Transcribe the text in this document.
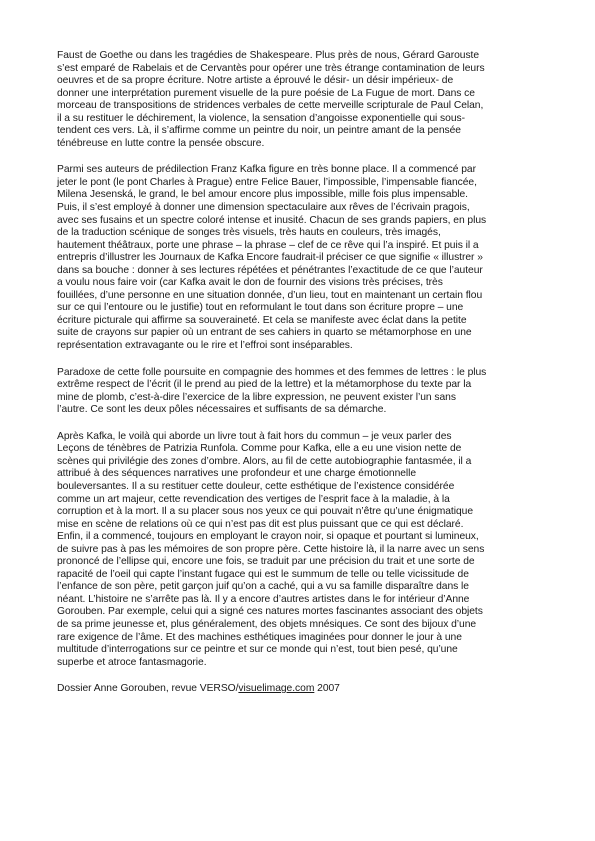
Faust de Goethe ou dans les tragédies de Shakespeare. Plus près de nous, Gérard Garouste
s’est emparé de Rabelais et de Cervantès pour opérer une très étrange contamination de leurs
oeuvres et de sa propre écriture. Notre artiste a éprouvé le désir- un désir impérieux- de
donner une interprétation purement visuelle de la pure poésie de La Fugue de mort. Dans ce
morceau de transpositions de stridences verbales de cette merveille scripturale de Paul Celan,
il a su restituer le déchirement, la violence, la sensation d’angoisse exponentielle qui sous-
tendent ces vers. Là, il s’affirme comme un peintre du noir, un peintre amant de la pensée
ténébreuse en lutte contre la pensée obscure.

Parmi ses auteurs de prédilection Franz Kafka figure en très bonne place. Il a commencé par
jeter le pont (le pont Charles à Prague) entre Felice Bauer, l’impossible, l’impensable fiancée,
Milena Jesenská, le grand, le bel amour encore plus impossible, mille fois plus impensable.
Puis, il s’est employé à donner une dimension spectaculaire aux rêves de l’écrivain pragois,
avec ses fusains et un spectre coloré intense et inusité. Chacun de ses grands papiers, en plus
de la traduction scénique de songes très visuels, très hauts en couleurs, très imagés,
hautement théâtraux, porte une phrase – la phrase – clef de ce rêve qui l’a inspiré. Et puis il a
entrepris d’illustrer les Journaux de Kafka Encore faudrait-il préciser ce que signifie « illustrer »
dans sa bouche : donner à ses lectures répétées et pénétrantes l’exactitude de ce que l’auteur
a voulu nous faire voir (car Kafka avait le don de fournir des visions très précises, très
fouillées, d’une personne en une situation donnée, d’un lieu, tout en maintenant un certain flou
sur ce qui l’entoure ou le justifie) tout en reformulant le tout dans son écriture propre – une
écriture picturale qui affirme sa souveraineté. Et cela se manifeste avec éclat dans la petite
suite de crayons sur papier où un entrant de ses cahiers in quarto se métamorphose en une
représentation extravagante ou le rire et l’effroi sont inséparables.

Paradoxe de cette folle poursuite en compagnie des hommes et des femmes de lettres : le plus
extrême respect de l’écrit (il le prend au pied de la lettre) et la métamorphose du texte par la
mine de plomb, c’est-à-dire l’exercice de la libre expression, ne peuvent exister l’un sans
l’autre. Ce sont les deux pôles nécessaires et suffisants de sa démarche.

Après Kafka, le voilà qui aborde un livre tout à fait hors du commun – je veux parler des
Leçons de ténèbres de Patrizia Runfola. Comme pour Kafka, elle a eu une vision nette de
scènes qui privilégie des zones d’ombre. Alors, au fil de cette autobiographie fantasmée, il a
attribué à des séquences narratives une profondeur et une charge émotionnelle
bouleversantes. Il a su restituer cette douleur, cette esthétique de l’existence considérée
comme un art majeur, cette revendication des vertiges de l’esprit face à la maladie, à la
corruption et à la mort. Il a su placer sous nos yeux ce qui pouvait n’être qu’une énigmatique
mise en scène de relations où ce qui n’est pas dit est plus puissant que ce qui est déclaré.
Enfin, il a commencé, toujours en employant le crayon noir, si opaque et pourtant si lumineux,
de suivre pas à pas les mémoires de son propre père. Cette histoire là, il la narre avec un sens
prononcé de l’ellipse qui, encore une fois, se traduit par une précision du trait et une sorte de
rapacité de l’oeil qui capte l’instant fugace qui est le summum de telle ou telle vicissitude de
l’enfance de son père, petit garçon juif qu’on a caché, qui a vu sa famille disparaître dans le
néant. L’histoire ne s’arrête pas là. Il y a encore d’autres artistes dans le for intérieur d’Anne
Gorouben. Par exemple, celui qui a signé ces natures mortes fascinantes associant des objets
de sa prime jeunesse et, plus généralement, des objets mnésiques. Ce sont des bijoux d’une
rare exigence de l’âme. Et des machines esthétiques imaginées pour donner le jour à une
multitude d’interrogations sur ce peintre et sur ce monde qui n’est, tout bien pesé, qu’une
superbe et atroce fantasmagorie.

Dossier Anne Gorouben, revue VERSO/visuelimage.com 2007
